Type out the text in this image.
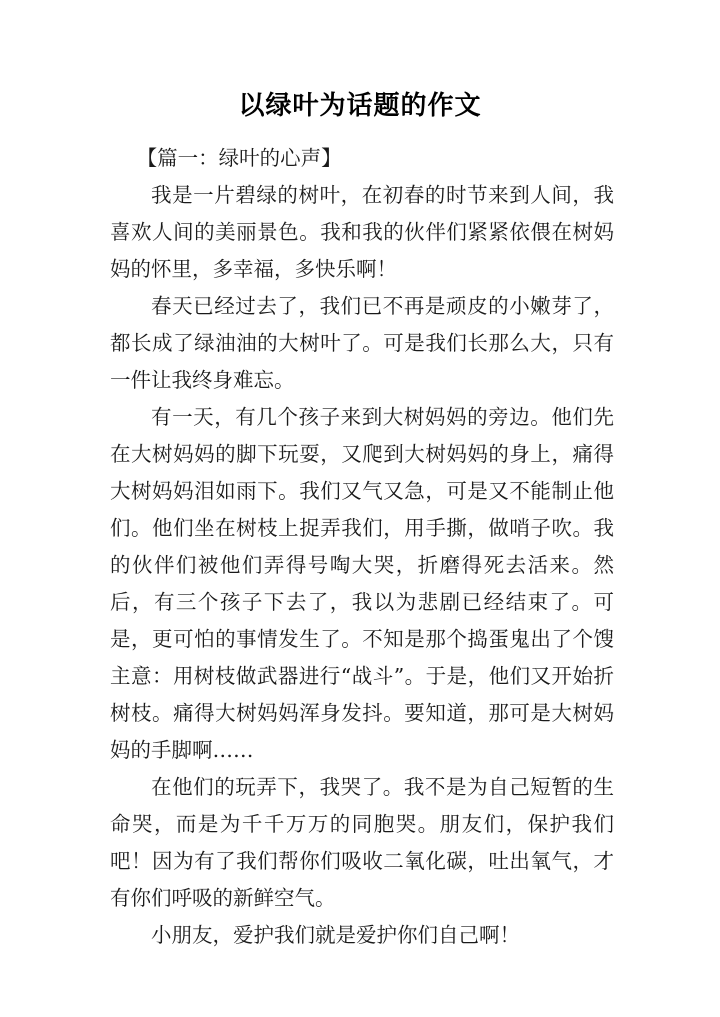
以绿叶为话题的作文

【篇一：绿叶的心声】

我是一片碧绿的树叶，在初春的时节来到人间，我喜欢人间的美丽景色。我和我的伙伴们紧紧依偎在树妈妈的怀里，多幸福，多快乐啊！

春天已经过去了，我们已不再是顽皮的小嫩芽了，都长成了绿油油的大树叶了。可是我们长那么大，只有一件让我终身难忘。

有一天，有几个孩子来到大树妈妈的旁边。他们先在大树妈妈的脚下玩耍，又爬到大树妈妈的身上，痛得大树妈妈泪如雨下。我们又气又急，可是又不能制止他们。他们坐在树枝上捉弄我们，用手撕，做哨子吹。我的伙伴们被他们弄得号啕大哭，折磨得死去活来。然后，有三个孩子下去了，我以为悲剧已经结束了。可是，更可怕的事情发生了。不知是那个捣蛋鬼出了个馊主意：用树枝做武器进行“战斗”。于是，他们又开始折树枝。痛得大树妈妈浑身发抖。要知道，那可是大树妈妈的手脚啊……

在他们的玩弄下，我哭了。我不是为自己短暂的生命哭，而是为千千万万的同胞哭。朋友们，保护我们吧！因为有了我们帮你们吸收二氧化碳，吐出氧气，才有你们呼吸的新鲜空气。

小朋友，爱护我们就是爱护你们自己啊！
